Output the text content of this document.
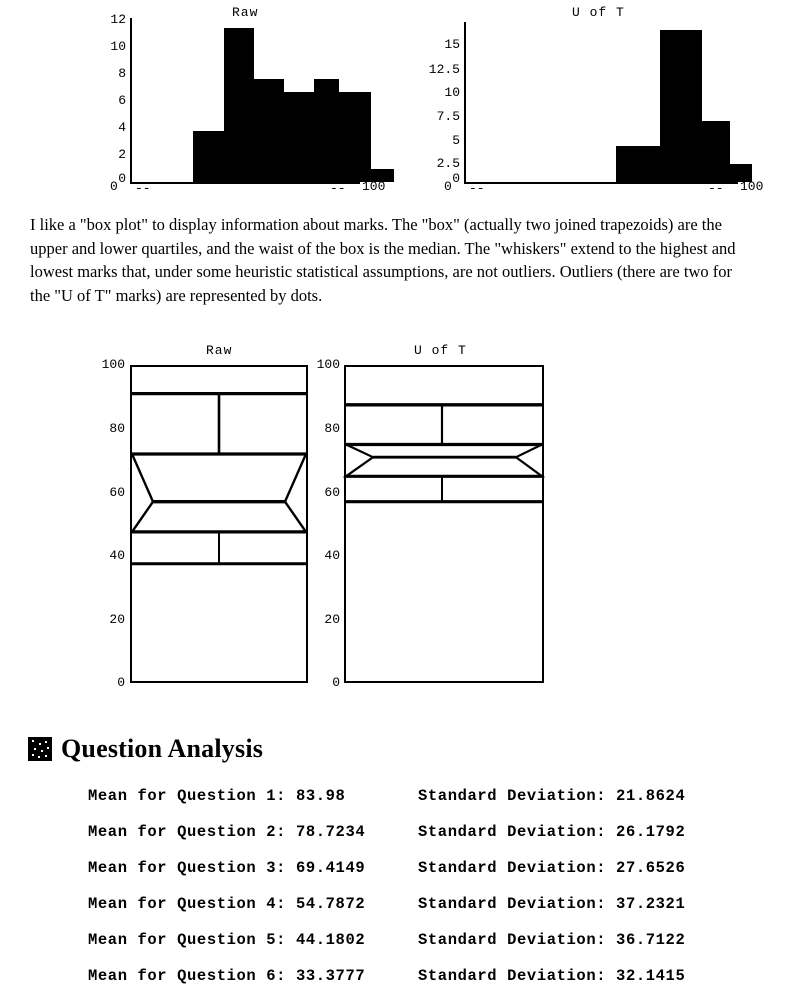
Raw
12
10
8
6
4
2
0
0 --	-- 100
U of T
15
12.5
10
7.5
5
2.5
0
0 --	-- 100
I like a "box plot" to display information about marks. The "box" (actually two joined trapezoids) are the upper and lower quartiles, and the waist of the box is the median. The "whiskers" extend to the highest and lowest marks that, under some heuristic statistical assumptions, are not outliers. Outliers (there are two for the "U of T" marks) are represented by dots.
Raw
100
80
60
40
20
0
U of T
100
80
60
40
20
0
Question Analysis
Mean for Question 1: 83.98	Standard Deviation: 21.8624
Mean for Question 2: 78.7234	Standard Deviation: 26.1792
Mean for Question 3: 69.4149	Standard Deviation: 27.6526
Mean for Question 4: 54.7872	Standard Deviation: 37.2321
Mean for Question 5: 44.1802	Standard Deviation: 36.7122
Mean for Question 6: 33.3777	Standard Deviation: 32.1415
